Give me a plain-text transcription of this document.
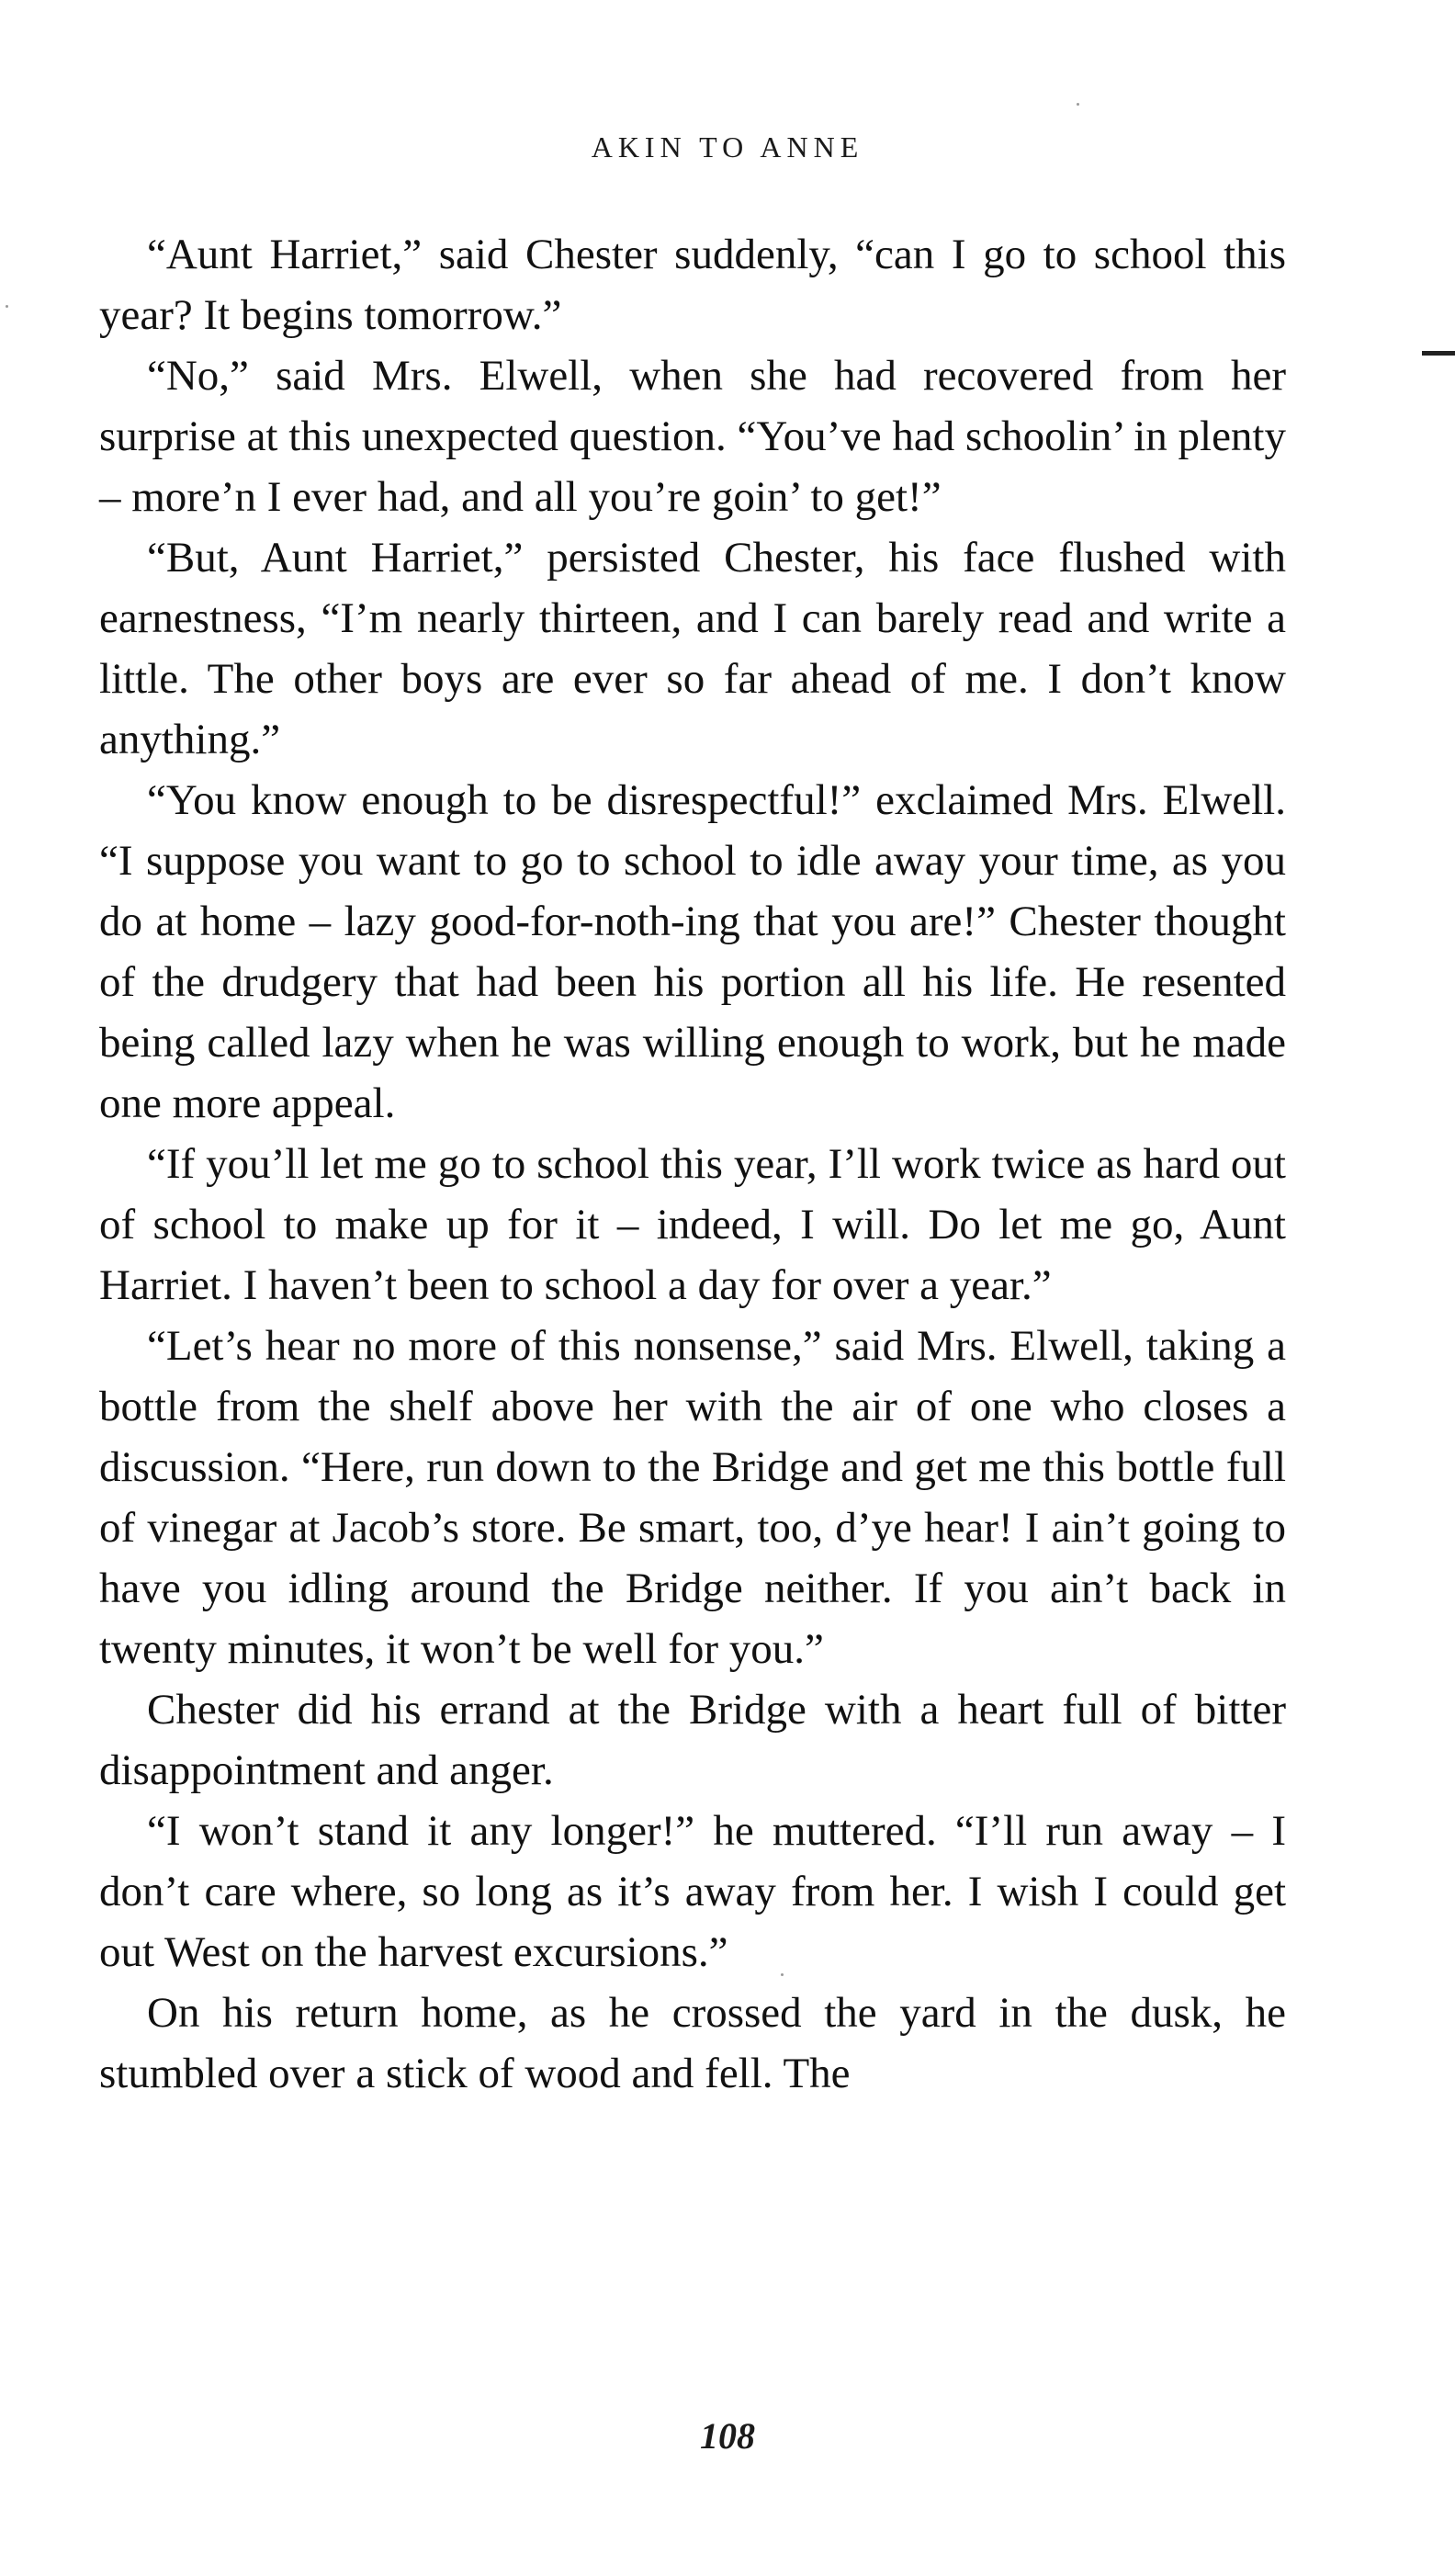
AKIN TO ANNE

“Aunt Harriet,” said Chester suddenly, “can I go to school this year? It begins tomorrow.”

“No,” said Mrs. Elwell, when she had recovered from her surprise at this unexpected question. “You’ve had schoolin’ in plenty – more’n I ever had, and all you’re goin’ to get!”

“But, Aunt Harriet,” persisted Chester, his face flushed with earnestness, “I’m nearly thirteen, and I can barely read and write a little. The other boys are ever so far ahead of me. I don’t know anything.”

“You know enough to be disrespectful!” exclaimed Mrs. Elwell. “I suppose you want to go to school to idle away your time, as you do at home – lazy good-for-noth-ing that you are!” Chester thought of the drudgery that had been his portion all his life. He resented being called lazy when he was willing enough to work, but he made one more appeal.

“If you’ll let me go to school this year, I’ll work twice as hard out of school to make up for it – indeed, I will. Do let me go, Aunt Harriet. I haven’t been to school a day for over a year.”

“Let’s hear no more of this nonsense,” said Mrs. Elwell, taking a bottle from the shelf above her with the air of one who closes a discussion. “Here, run down to the Bridge and get me this bottle full of vinegar at Jacob’s store. Be smart, too, d’ye hear! I ain’t going to have you idling around the Bridge neither. If you ain’t back in twenty minutes, it won’t be well for you.”

Chester did his errand at the Bridge with a heart full of bitter disappointment and anger.

“I won’t stand it any longer!” he muttered. “I’ll run away – I don’t care where, so long as it’s away from her. I wish I could get out West on the harvest excursions.”

On his return home, as he crossed the yard in the dusk, he stumbled over a stick of wood and fell. The

108
